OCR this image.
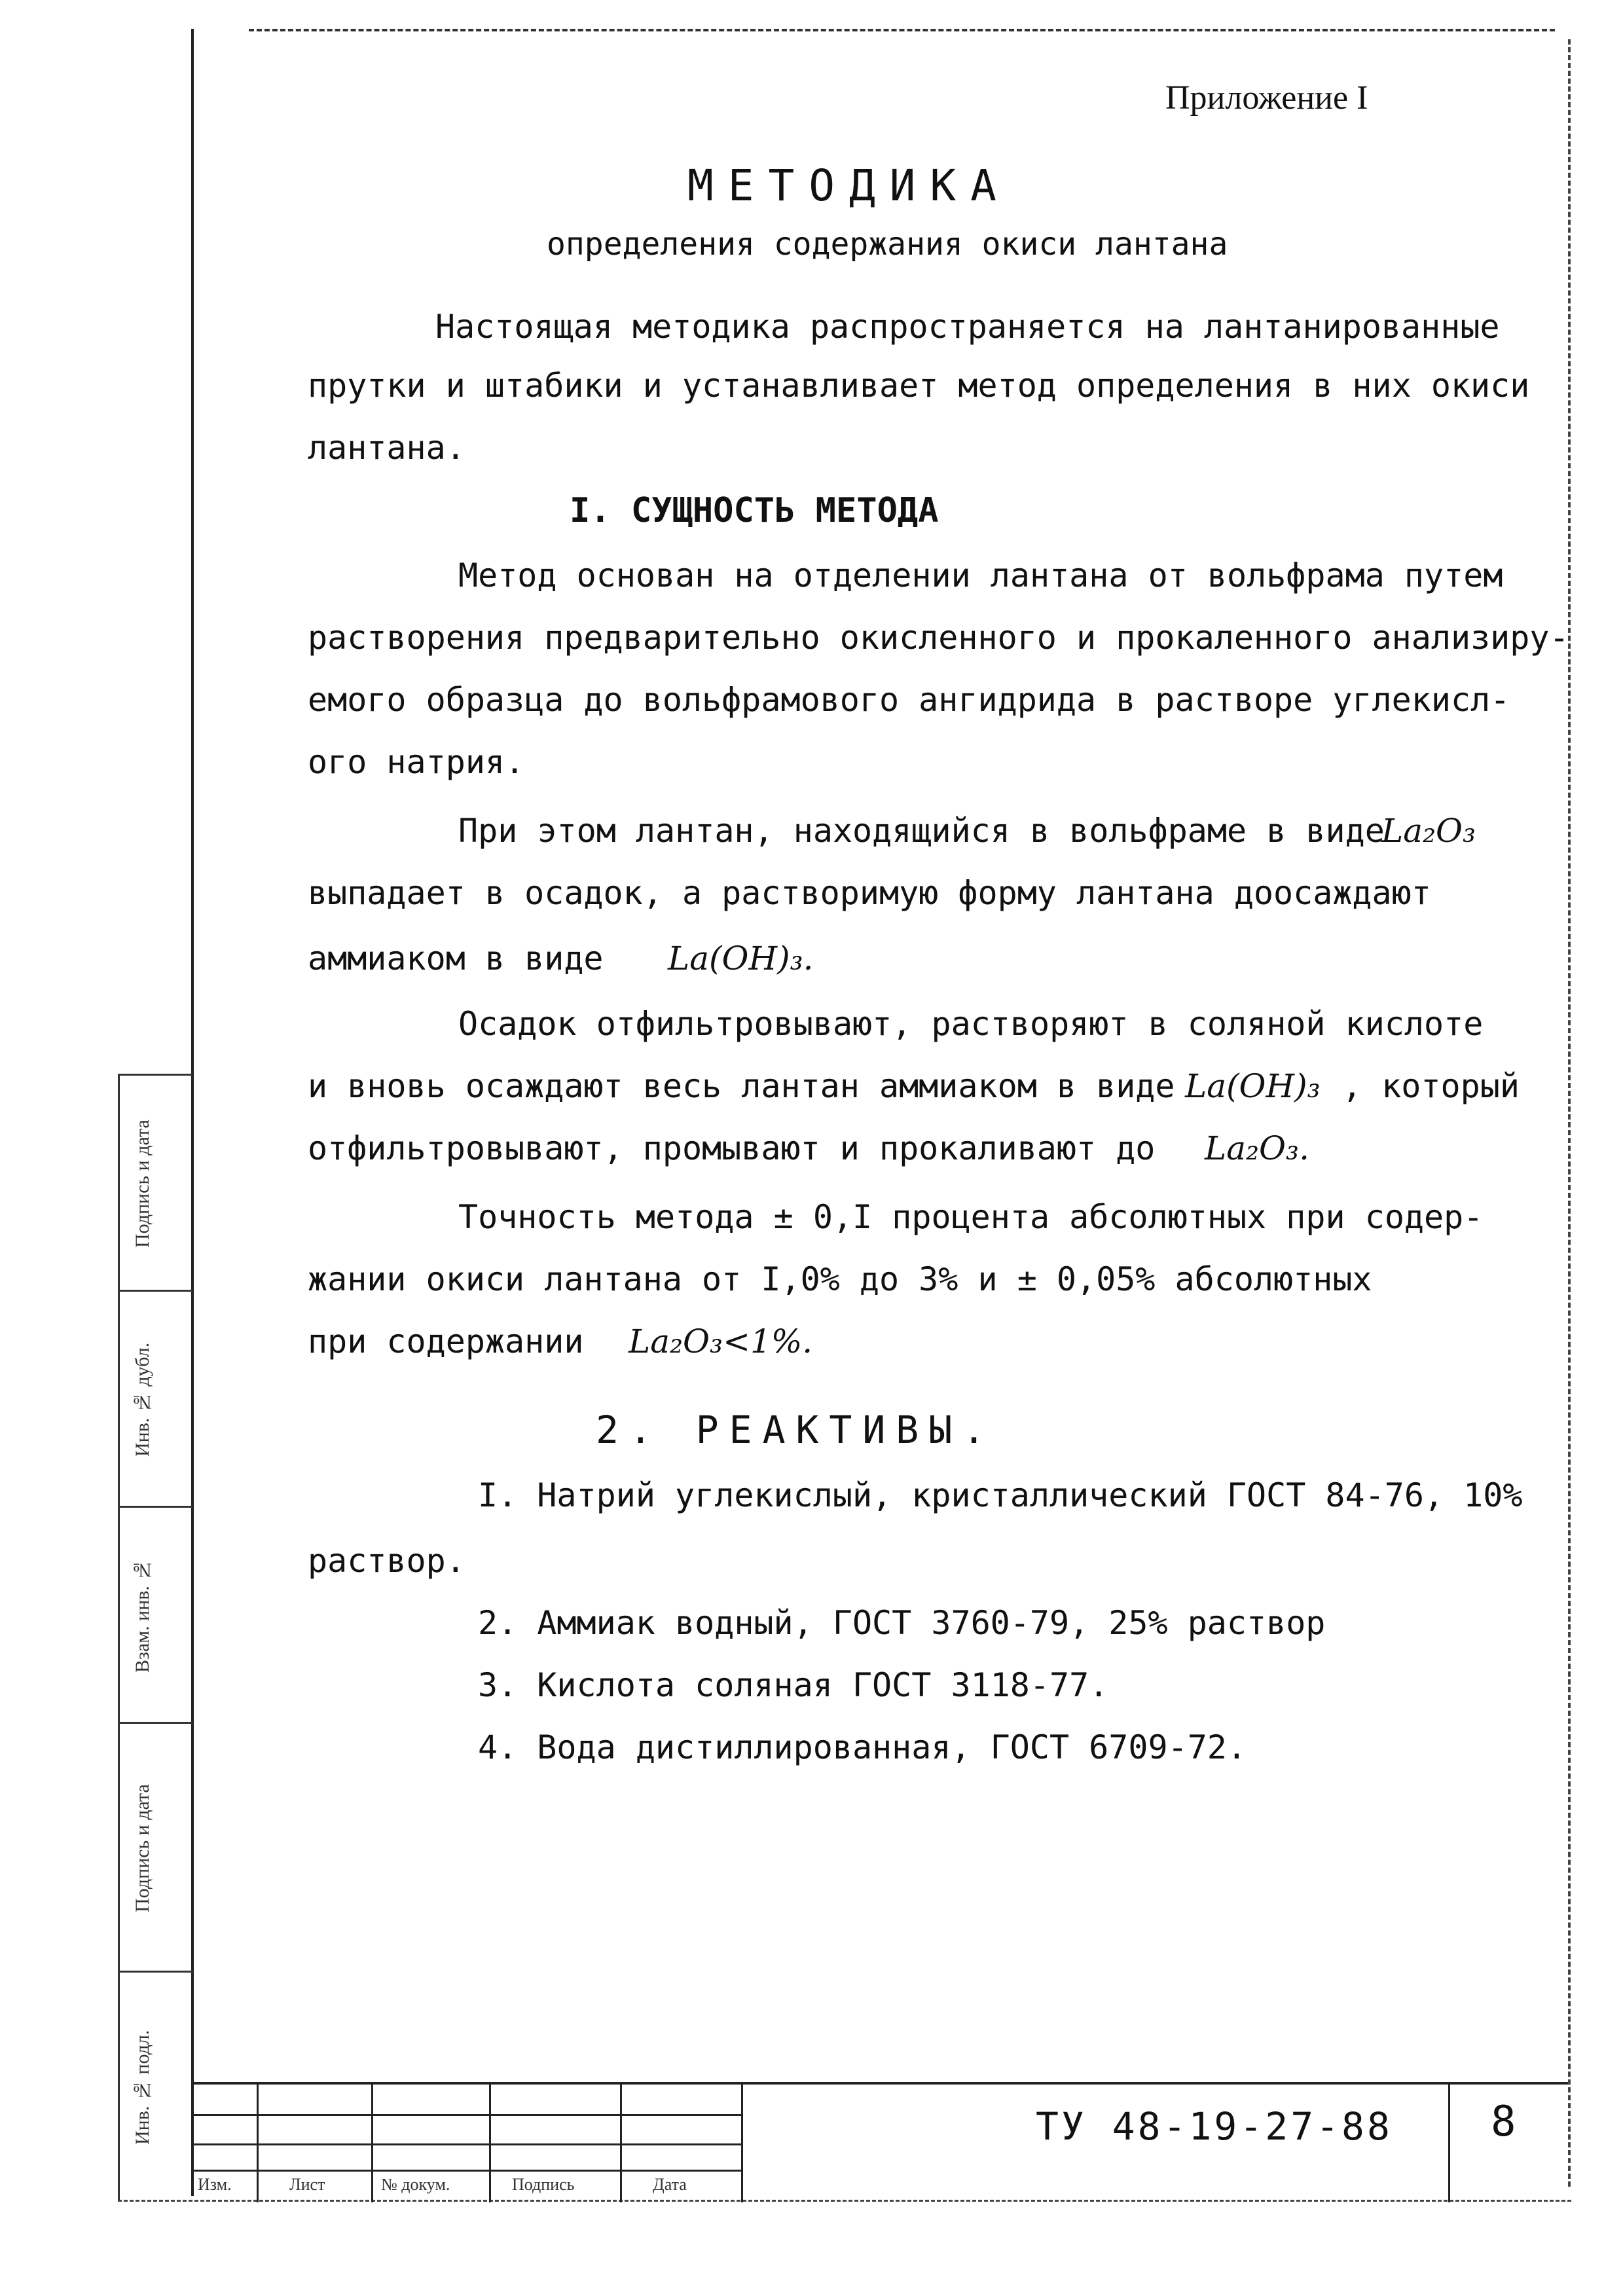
Подпись и дата
Инв. № дубл.
Взам. инв. №
Подпись и дата
Инв. № подл.
Приложение I
МЕТОДИКА
определения содержания окиси лантана
Настоящая методика распространяется на лантанированные
прутки и штабики и устанавливает метод определения в них окиси
лантана.
I. СУЩНОСТЬ МЕТОДА
Метод основан на отделении лантана от вольфрама путем
растворения предварительно окисленного и прокаленного анализиру-
емого образца до вольфрамового ангидрида в растворе углекисл-
ого натрия.
При этом лантан, находящийся в вольфраме в виде
La₂O₃
выпадает в осадок, а растворимую форму лантана доосаждают
аммиаком в виде La(OH)₃.
Осадок отфильтровывают, растворяют в соляной кислоте
и вновь осаждают весь лантан аммиаком в виде La(OH)₃ , который
отфильтровывают, промывают и прокаливают до La₂O₃.
Точность метода ± 0,I процента абсолютных при содер-
жании окиси лантана от I,0% до 3% и ± 0,05% абсолютных
при содержании La₂O₃<1%.
2. РЕАКТИВЫ.
I. Натрий углекислый, кристаллический ГОСТ 84-76, 10%
раствор.
2. Аммиак водный, ГОСТ 3760-79, 25% раствор
3. Кислота соляная ГОСТ 3118-77.
4. Вода дистиллированная, ГОСТ 6709-72.
Изм.	Лист	№ докум.	Подпись	Дата
ТУ 48-19-27-88 8
